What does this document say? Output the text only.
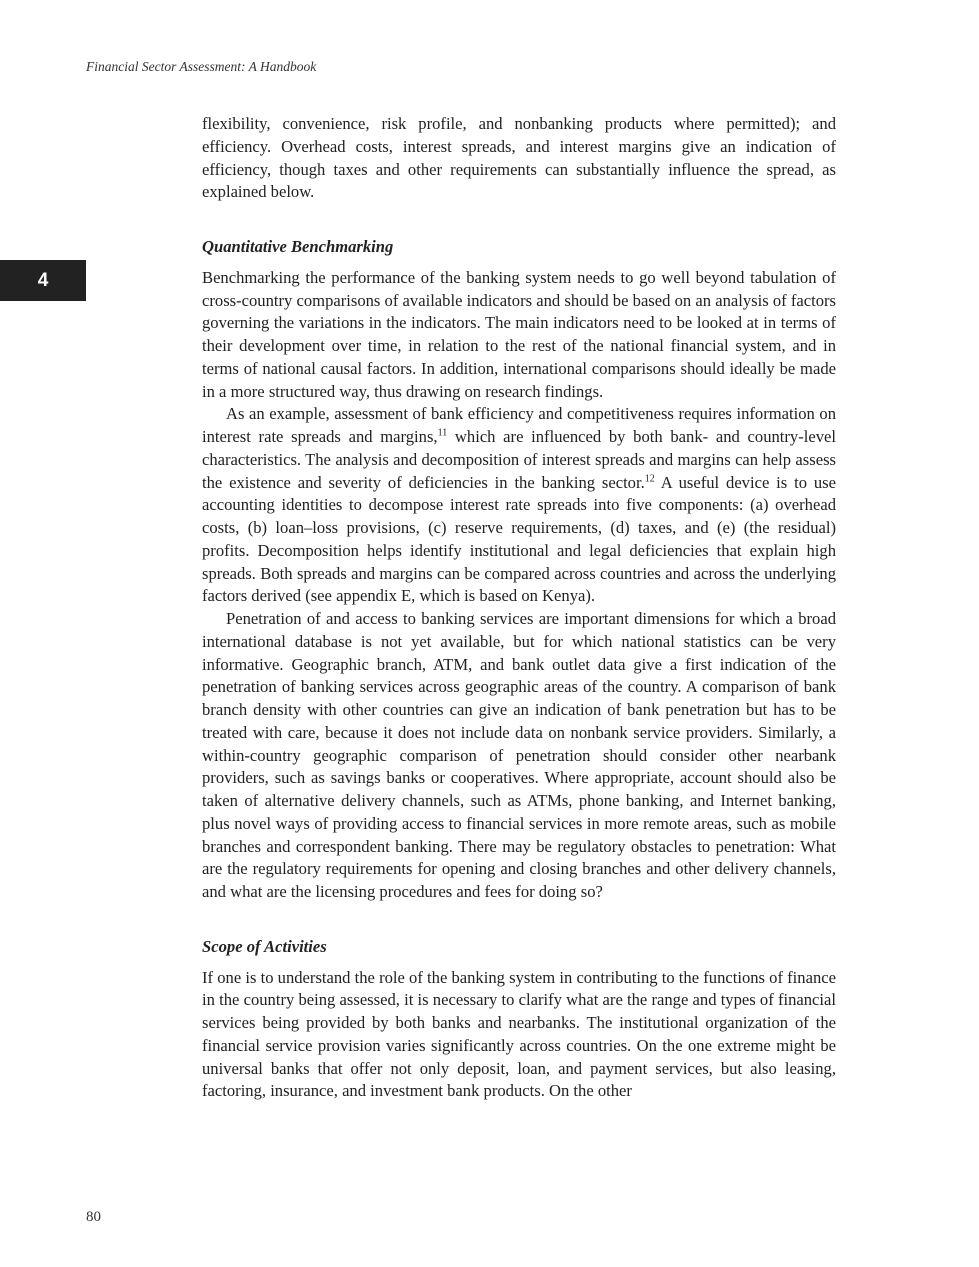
Financial Sector Assessment: A Handbook

4

flexibility, convenience, risk profile, and nonbanking products where permitted); and efficiency. Overhead costs, interest spreads, and interest margins give an indication of efficiency, though taxes and other requirements can substantially influence the spread, as explained below.

Quantitative Benchmarking

Benchmarking the performance of the banking system needs to go well beyond tabulation of cross-country comparisons of available indicators and should be based on an analysis of factors governing the variations in the indicators. The main indicators need to be looked at in terms of their development over time, in relation to the rest of the national financial system, and in terms of national causal factors. In addition, international comparisons should ideally be made in a more structured way, thus drawing on research findings.

As an example, assessment of bank efficiency and competitiveness requires information on interest rate spreads and margins,$^{11}$ which are influenced by both bank- and country-level characteristics. The analysis and decomposition of interest spreads and margins can help assess the existence and severity of deficiencies in the banking sector.$^{12}$ A useful device is to use accounting identities to decompose interest rate spreads into five components: (a) overhead costs, (b) loan–loss provisions, (c) reserve requirements, (d) taxes, and (e) (the residual) profits. Decomposition helps identify institutional and legal deficiencies that explain high spreads. Both spreads and margins can be compared across countries and across the underlying factors derived (see appendix E, which is based on Kenya).

Penetration of and access to banking services are important dimensions for which a broad international database is not yet available, but for which national statistics can be very informative. Geographic branch, ATM, and bank outlet data give a first indication of the penetration of banking services across geographic areas of the country. A comparison of bank branch density with other countries can give an indication of bank penetration but has to be treated with care, because it does not include data on nonbank service providers. Similarly, a within-country geographic comparison of penetration should consider other nearbank providers, such as savings banks or cooperatives. Where appropriate, account should also be taken of alternative delivery channels, such as ATMs, phone banking, and Internet banking, plus novel ways of providing access to financial services in more remote areas, such as mobile branches and correspondent banking. There may be regulatory obstacles to penetration: What are the regulatory requirements for opening and closing branches and other delivery channels, and what are the licensing procedures and fees for doing so?

Scope of Activities

If one is to understand the role of the banking system in contributing to the functions of finance in the country being assessed, it is necessary to clarify what are the range and types of financial services being provided by both banks and nearbanks. The institutional organization of the financial service provision varies significantly across countries. On the one extreme might be universal banks that offer not only deposit, loan, and payment services, but also leasing, factoring, insurance, and investment bank products. On the other

80
